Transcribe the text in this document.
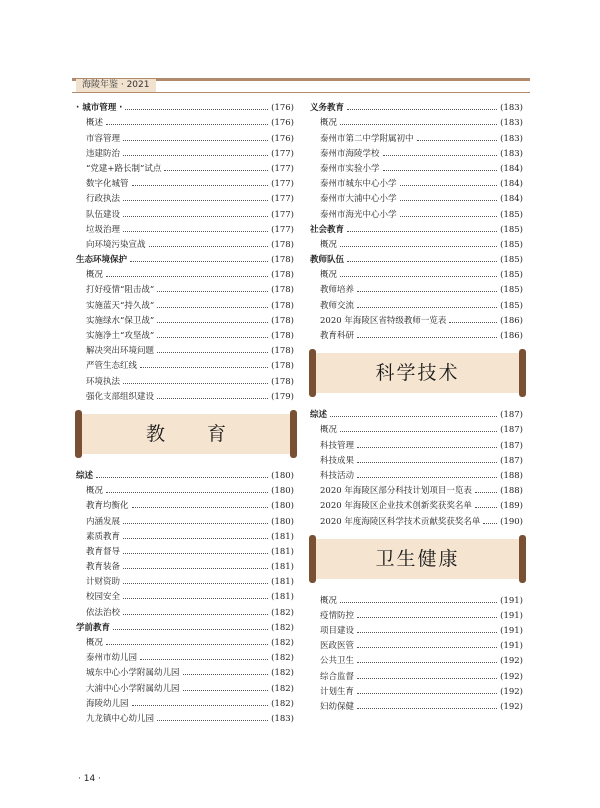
海陵年鉴 · 2021
· 城市管理 ·	(176)
概述	(176)
市容管理	(176)
违建防治	(177)
“党建+路长制”试点	(177)
数字化城管	(177)
行政执法	(177)
队伍建设	(177)
垃圾治理	(177)
向环境污染宣战	(178)
生态环境保护	(178)
概况	(178)
打好疫情“阻击战”	(178)
实施蓝天“持久战”	(178)
实施绿水“保卫战”	(178)
实施净土“攻坚战”	(178)
解决突出环境问题	(178)
严管生态红线	(178)
环境执法	(178)
强化支部组织建设	(179)
教 育
综述	(180)
概况	(180)
教育均衡化	(180)
内涵发展	(180)
素质教育	(181)
教育督导	(181)
教育装备	(181)
计财资助	(181)
校园安全	(181)
依法治校	(182)
学前教育	(182)
概况	(182)
泰州市幼儿园	(182)
城东中心小学附属幼儿园	(182)
大浦中心小学附属幼儿园	(182)
海陵幼儿园	(182)
九龙镇中心幼儿园	(183)
义务教育	(183)
概况	(183)
泰州市第二中学附属初中	(183)
泰州市海陵学校	(183)
泰州市实验小学	(184)
泰州市城东中心小学	(184)
泰州市大浦中心小学	(184)
泰州市海光中心小学	(185)
社会教育	(185)
概况	(185)
教师队伍	(185)
概况	(185)
教师培养	(185)
教师交流	(185)
2020 年海陵区省特级教师一览表	(186)
教育科研	(186)
科学技术
综述	(187)
概况	(187)
科技管理	(187)
科技成果	(187)
科技活动	(188)
2020 年海陵区部分科技计划项目一览表	(188)
2020 年海陵区企业技术创新奖获奖名单	(189)
2020 年度海陵区科学技术贡献奖获奖名单 (190)
卫生健康
概况	(191)
疫情防控	(191)
项目建设	(191)
医政医管	(191)
公共卫生	(192)
综合监督	(192)
计划生育	(192)
妇幼保健	(192)
· 14 ·
